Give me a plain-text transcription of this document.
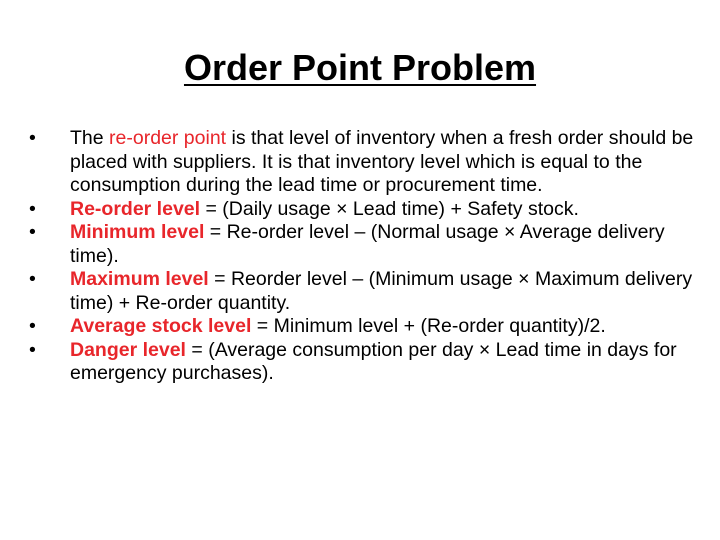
Order Point Problem
•	The re-order point is that level of inventory when a fresh order should be placed with suppliers. It is that inventory level which is equal to the consumption during the lead time or procurement time.
•	Re-order level = (Daily usage × Lead time) + Safety stock.
•	Minimum level = Re-order level – (Normal usage × Average delivery time).
•	Maximum level = Reorder level – (Minimum usage × Maximum delivery time) + Re-order quantity.
•	Average stock level = Minimum level + (Re-order quantity)/2.
•	Danger level = (Average consumption per day × Lead time in days for emergency purchases).
